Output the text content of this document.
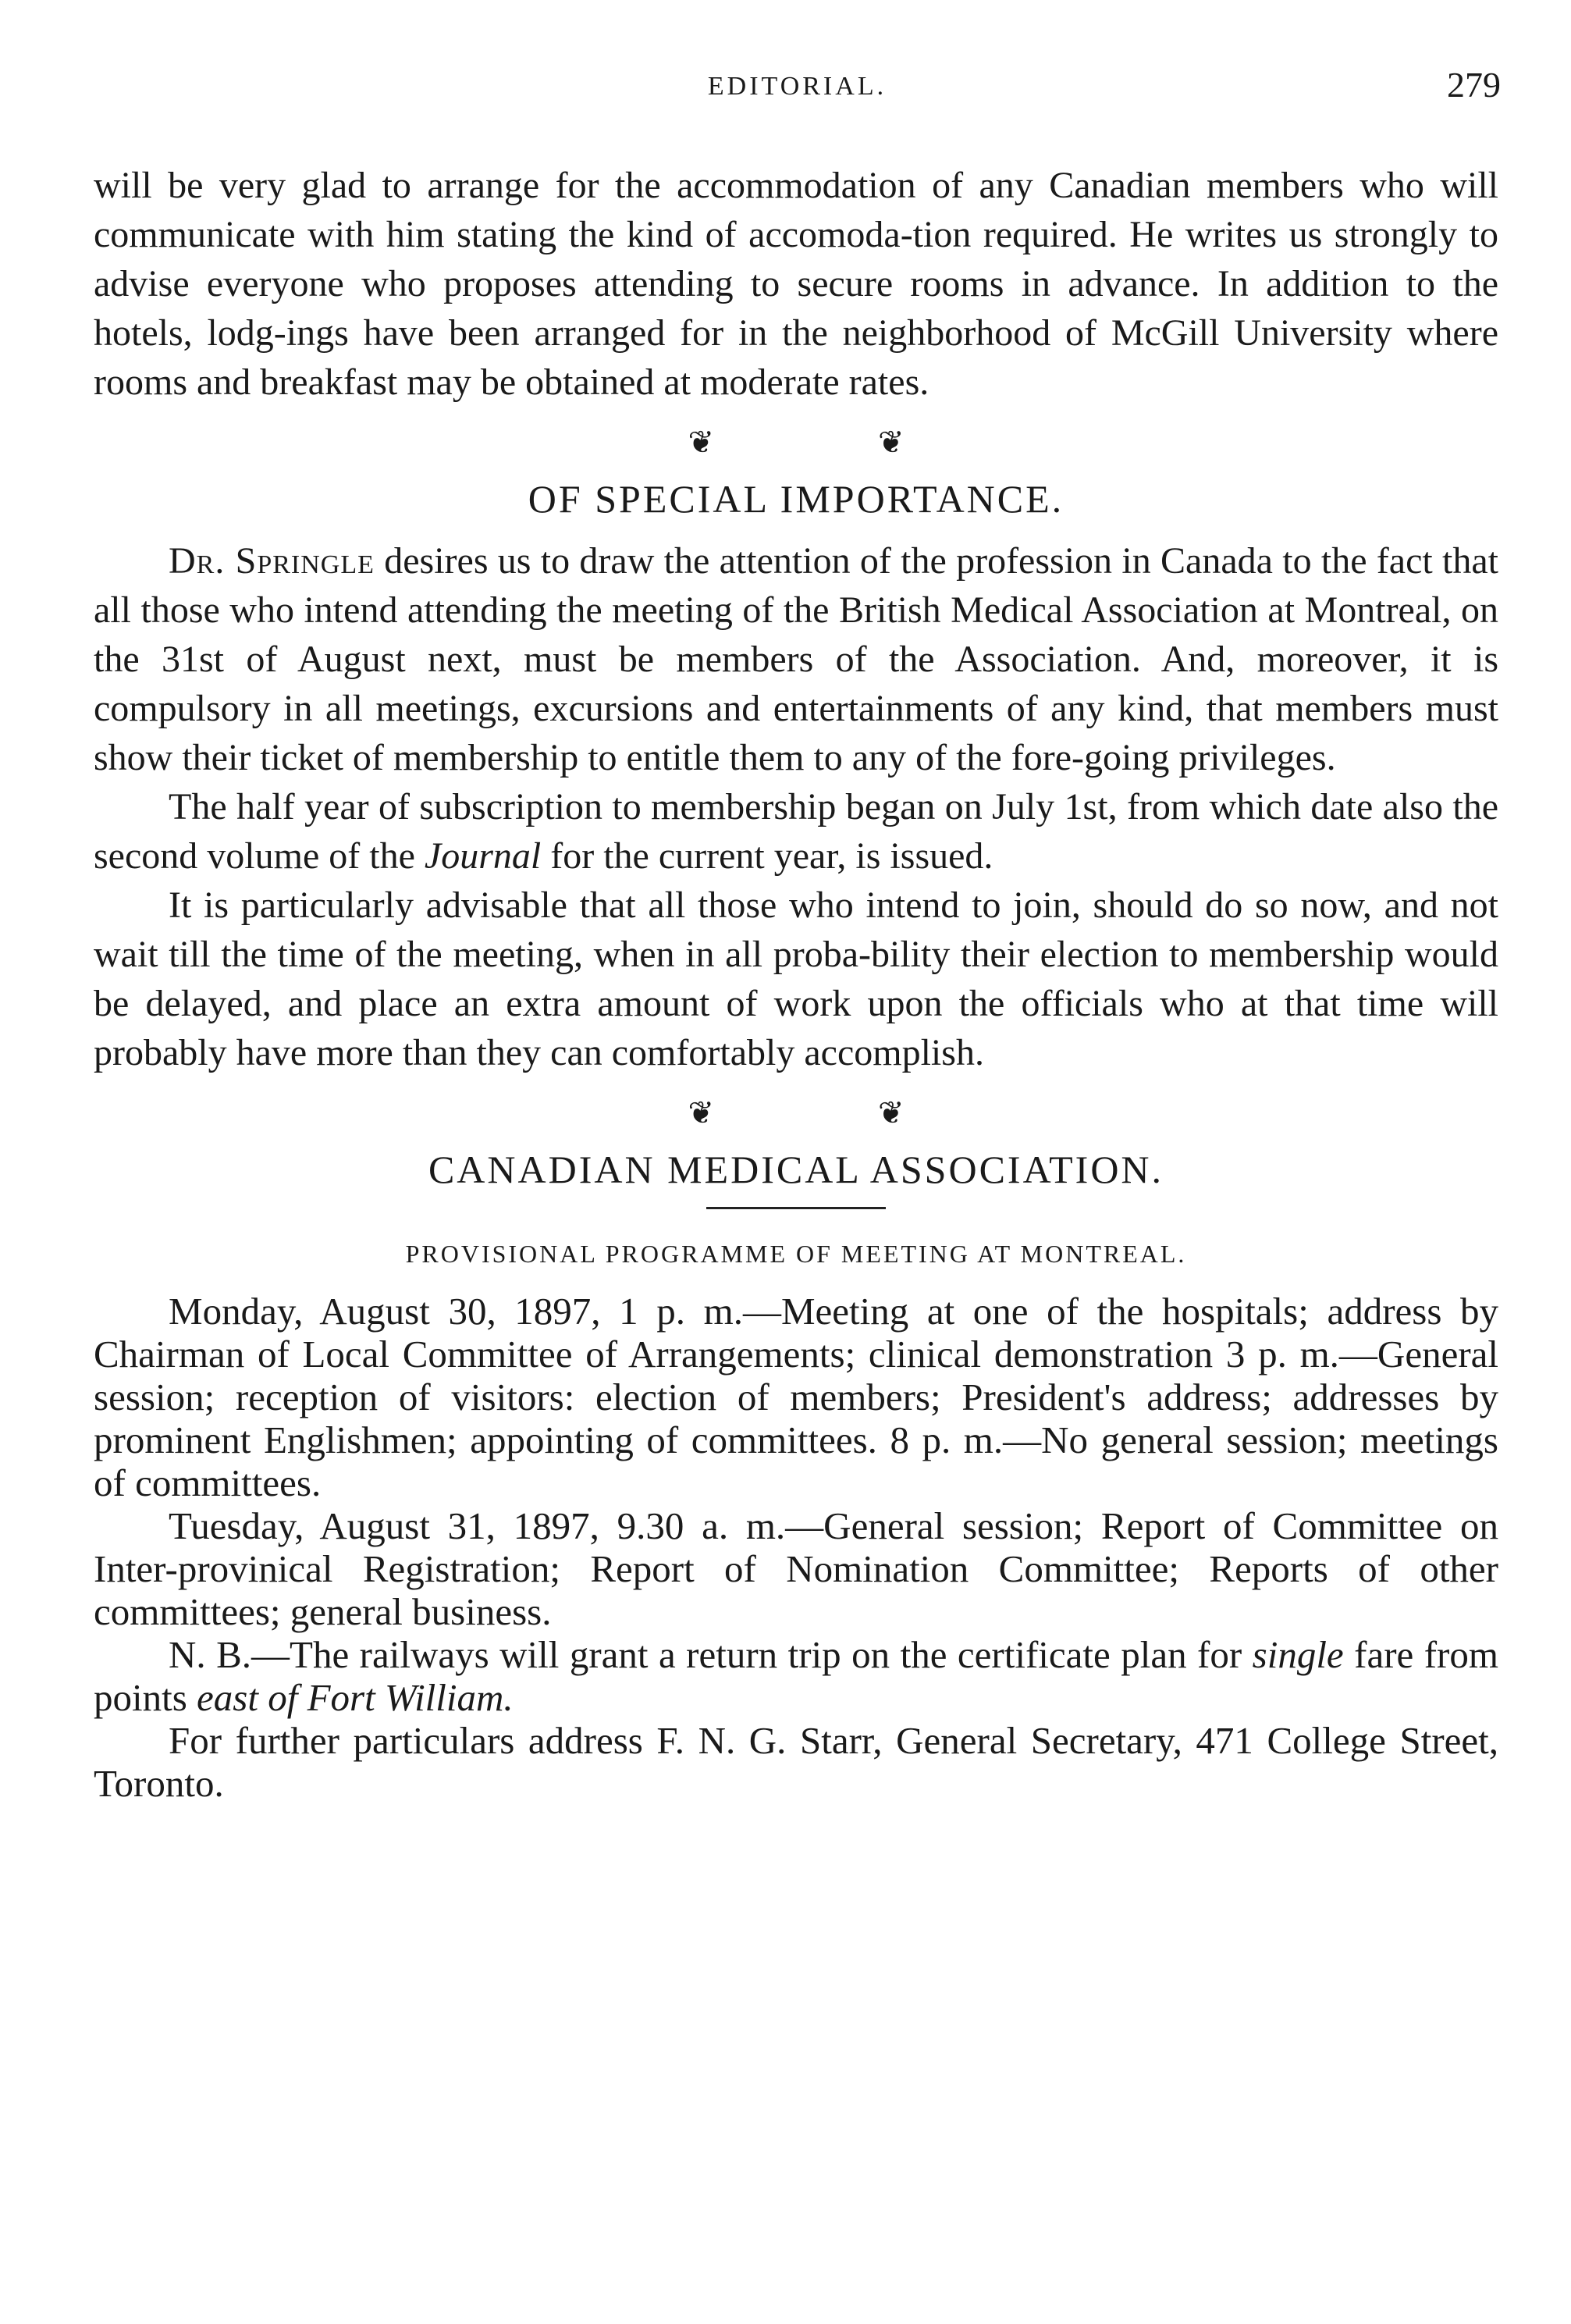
EDITORIAL.	279

will be very glad to arrange for the accommodation of any Canadian members who will communicate with him stating the kind of accomoda-tion required. He writes us strongly to advise everyone who proposes attending to secure rooms in advance. In addition to the hotels, lodg-ings have been arranged for in the neighborhood of McGill University where rooms and breakfast may be obtained at moderate rates.

❦ ❦
OF SPECIAL IMPORTANCE.

Dr. Springle desires us to draw the attention of the profession in Canada to the fact that all those who intend attending the meeting of the British Medical Association at Montreal, on the 31st of August next, must be members of the Association. And, moreover, it is compulsory in all meetings, excursions and entertainments of any kind, that members must show their ticket of membership to entitle them to any of the fore-going privileges.

The half year of subscription to membership began on July 1st, from which date also the second volume of the Journal for the current year, is issued.

It is particularly advisable that all those who intend to join, should do so now, and not wait till the time of the meeting, when in all proba-bility their election to membership would be delayed, and place an extra amount of work upon the officials who at that time will probably have more than they can comfortably accomplish.

❦ ❦
CANADIAN MEDICAL ASSOCIATION.
PROVISIONAL PROGRAMME OF MEETING AT MONTREAL.

Monday, August 30, 1897, 1 p. m.—Meeting at one of the hospitals; address by Chairman of Local Committee of Arrangements; clinical demonstration 3 p. m.—General session; reception of visitors: election of members; President's address; addresses by prominent Englishmen; appointing of committees. 8 p. m.—No general session; meetings of committees.

Tuesday, August 31, 1897, 9.30 a. m.—General session; Report of Committee on Inter-provinical Registration; Report of Nomination Committee; Reports of other committees; general business.

N. B.—The railways will grant a return trip on the certificate plan for single fare from points east of Fort William.

For further particulars address F. N. G. Starr, General Secretary, 471 College Street, Toronto.
